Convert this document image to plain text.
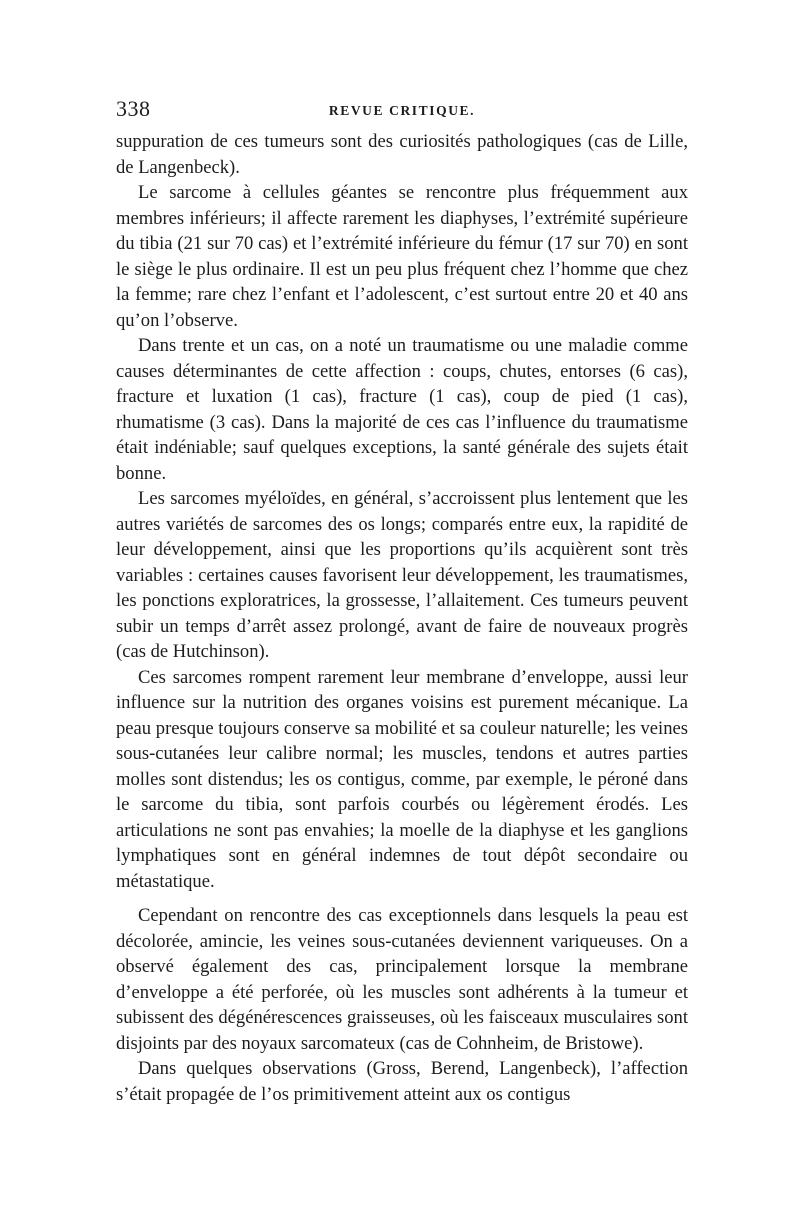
338	REVUE CRITIQUE.

suppuration de ces tumeurs sont des curiosités pathologiques (cas de Lille, de Langenbeck).

Le sarcome à cellules géantes se rencontre plus fréquemment aux membres inférieurs; il affecte rarement les diaphyses, l’extrémité supérieure du tibia (21 sur 70 cas) et l’extrémité inférieure du fémur (17 sur 70) en sont le siège le plus ordinaire. Il est un peu plus fréquent chez l’homme que chez la femme; rare chez l’enfant et l’adolescent, c’est surtout entre 20 et 40 ans qu’on l’observe.

Dans trente et un cas, on a noté un traumatisme ou une maladie comme causes déterminantes de cette affection : coups, chutes, entorses (6 cas), fracture et luxation (1 cas), fracture (1 cas), coup de pied (1 cas), rhumatisme (3 cas). Dans la majorité de ces cas l’influence du traumatisme était indéniable; sauf quelques exceptions, la santé générale des sujets était bonne.

Les sarcomes myéloïdes, en général, s’accroissent plus lentement que les autres variétés de sarcomes des os longs; comparés entre eux, la rapidité de leur développement, ainsi que les proportions qu’ils acquièrent sont très variables : certaines causes favorisent leur développement, les traumatismes, les ponctions exploratrices, la grossesse, l’allaitement. Ces tumeurs peuvent subir un temps d’arrêt assez prolongé, avant de faire de nouveaux progrès (cas de Hutchinson).

Ces sarcomes rompent rarement leur membrane d’enveloppe, aussi leur influence sur la nutrition des organes voisins est purement mécanique. La peau presque toujours conserve sa mobilité et sa couleur naturelle; les veines sous-cutanées leur calibre normal; les muscles, tendons et autres parties molles sont distendus; les os contigus, comme, par exemple, le péroné dans le sarcome du tibia, sont parfois courbés ou légèrement érodés. Les articulations ne sont pas envahies; la moelle de la diaphyse et les ganglions lymphatiques sont en général indemnes de tout dépôt secondaire ou métastatique.

Cependant on rencontre des cas exceptionnels dans lesquels la peau est décolorée, amincie, les veines sous-cutanées deviennent variqueuses. On a observé également des cas, principalement lorsque la membrane d’enveloppe a été perforée, où les muscles sont adhérents à la tumeur et subissent des dégénérescences graisseuses, où les faisceaux musculaires sont disjoints par des noyaux sarcomateux (cas de Cohnheim, de Bristowe).

Dans quelques observations (Gross, Berend, Langenbeck), l’affection s’était propagée de l’os primitivement atteint aux os contigus
